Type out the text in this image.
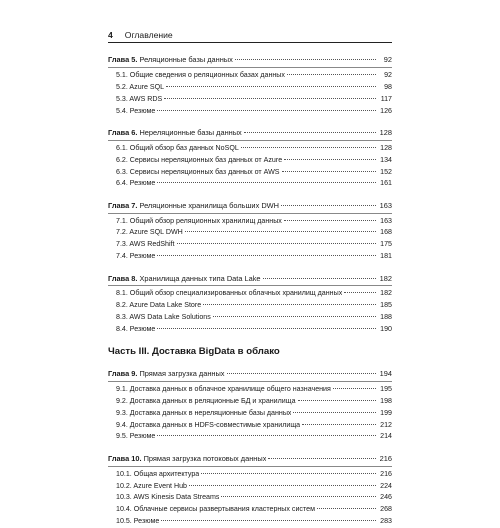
4 Оглавление
Глава 5. Реляционные базы данных	92
5.1. Общие сведения о реляционных базах данных	92
5.2. Azure SQL	98
5.3. AWS RDS	117
5.4. Резюме	126
Глава 6. Нереляционные базы данных	128
6.1. Общий обзор баз данных NoSQL	128
6.2. Сервисы нереляционных баз данных от Azure	134
6.3. Сервисы нереляционных баз данных от AWS	152
6.4. Резюме	161
Глава 7. Реляционные хранилища больших DWH	163
7.1. Общий обзор реляционных хранилищ данных	163
7.2. Azure SQL DWH	168
7.3. AWS RedShift	175
7.4. Резюме	181
Глава 8. Хранилища данных типа Data Lake	182
8.1. Общий обзор специализированных облачных хранилищ данных	182
8.2. Azure Data Lake Store	185
8.3. AWS Data Lake Solutions	188
8.4. Резюме	190
Часть III. Доставка BigData в облако
Глава 9. Прямая загрузка данных	194
9.1. Доставка данных в облачное хранилище общего назначения	195
9.2. Доставка данных в реляционные БД и хранилища	198
9.3. Доставка данных в нереляционные базы данных	199
9.4. Доставка данных в HDFS-совместимые хранилища	212
9.5. Резюме	214
Глава 10. Прямая загрузка потоковых данных	216
10.1. Общая архитектура	216
10.2. Azure Event Hub	224
10.3. AWS Kinesis Data Streams	246
10.4. Облачные сервисы развертывания кластерных систем	268
10.5. Резюме	283
